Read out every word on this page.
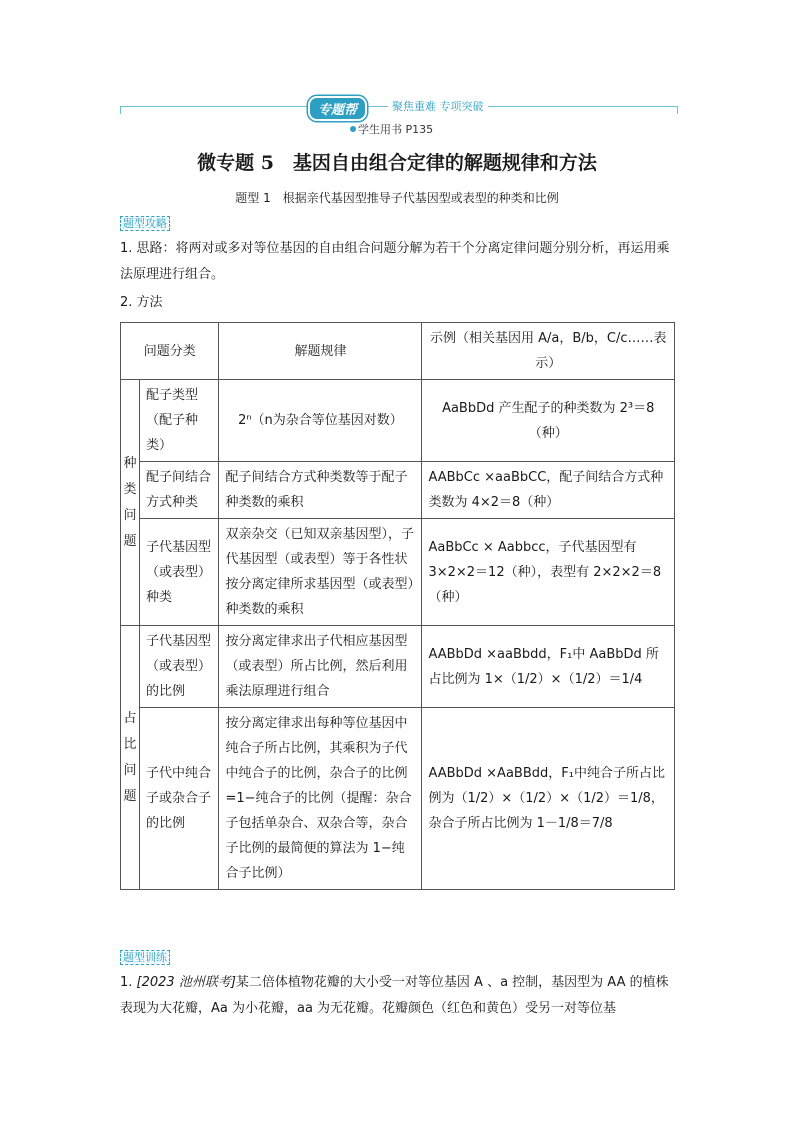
专题帮	聚焦重难 专项突破
学生用书 P135
微专题 5　基因自由组合定律的解题规律和方法
题型 1　根据亲代基因型推导子代基因型或表型的种类和比例
题型攻略
1. 思路：将两对或多对等位基因的自由组合问题分解为若干个分离定律问题分别分析，再运用乘法原理进行组合。
2. 方法
问题分类		解题规律	示例（相关基因用 A/a，B/b，C/c……表示）
种类问题	配子类型（配子种类）	2ⁿ（n为杂合等位基因对数）	AaBbDd 产生配子的种类数为 2³＝8（种）
	配子间结合方式种类	配子间结合方式种类数等于配子种类数的乘积	AABbCc ×aaBbCC，配子间结合方式种类数为 4×2＝8（种）
	子代基因型（或表型）种类	双亲杂交（已知双亲基因型），子代基因型（或表型）等于各性状按分离定律所求基因型（或表型）种类数的乘积	AaBbCc × Aabbcc，子代基因型有 3×2×2＝12（种），表型有 2×2×2＝8（种）
占比问题	子代基因型（或表型）的比例	按分离定律求出子代相应基因型（或表型）所占比例，然后利用乘法原理进行组合	AABbDd ×aaBbdd，F₁中 AaBbDd 所占比例为 1×（1/2）×（1/2）＝1/4
	子代中纯合子或杂合子的比例	按分离定律求出每种等位基因中纯合子所占比例，其乘积为子代中纯合子的比例，杂合子的比例=1−纯合子的比例（提醒：杂合子包括单杂合、双杂合等，杂合子比例的最简便的算法为 1−纯合子比例）	AABbDd ×AaBBdd，F₁中纯合子所占比例为（1/2）×（1/2）×（1/2）＝1/8，杂合子所占比例为 1－1/8＝7/8
题型训练
1. [2023 池州联考]某二倍体植物花瓣的大小受一对等位基因 A 、a 控制，基因型为 AA 的植株表现为大花瓣，Aa 为小花瓣，aa 为无花瓣。花瓣颜色（红色和黄色）受另一对等位基
